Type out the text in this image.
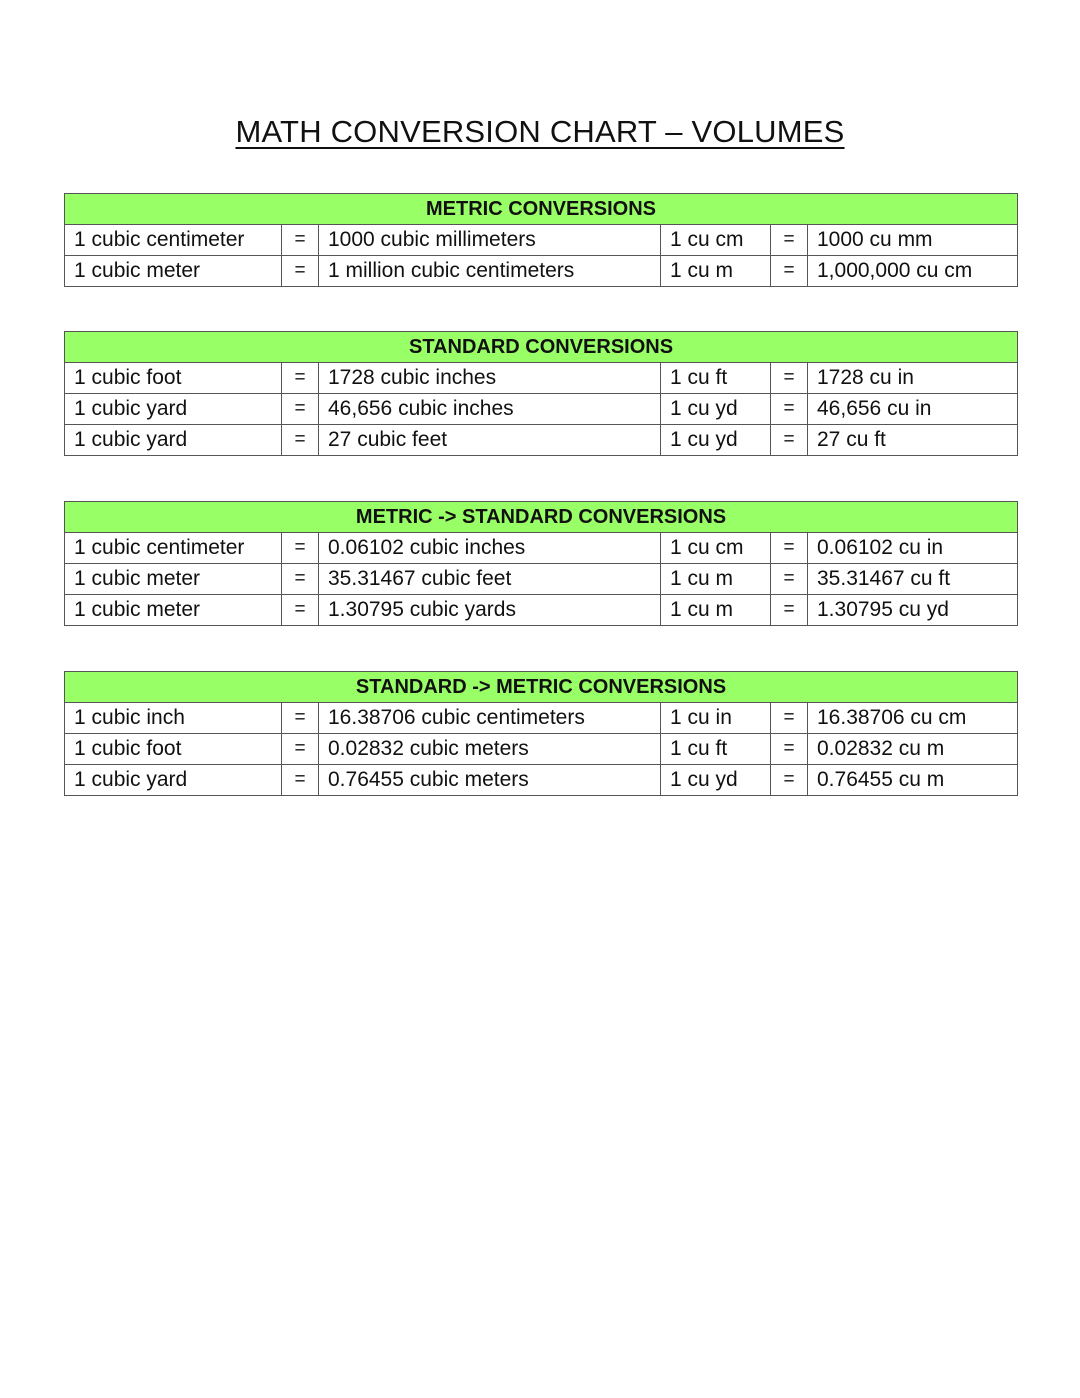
MATH CONVERSION CHART – VOLUMES
METRIC CONVERSIONS					
1 cubic centimeter	=	1000 cubic millimeters	1 cu cm	=	1000 cu mm
1 cubic meter	=	1 million cubic centimeters	1 cu m	=	1,000,000 cu cm
STANDARD CONVERSIONS					
1 cubic foot	=	1728 cubic inches	1 cu ft	=	1728 cu in
1 cubic yard	=	46,656 cubic inches	1 cu yd	=	46,656 cu in
1 cubic yard	=	27 cubic feet	1 cu yd	=	27 cu ft
METRIC -> STANDARD CONVERSIONS					
1 cubic centimeter	=	0.06102 cubic inches	1 cu cm	=	0.06102 cu in
1 cubic meter	=	35.31467 cubic feet	1 cu m	=	35.31467 cu ft
1 cubic meter	=	1.30795 cubic yards	1 cu m	=	1.30795 cu yd
STANDARD -> METRIC CONVERSIONS					
1 cubic inch	=	16.38706 cubic centimeters	1 cu in	=	16.38706 cu cm
1 cubic foot	=	0.02832 cubic meters	1 cu ft	=	0.02832 cu m
1 cubic yard	=	0.76455 cubic meters	1 cu yd	=	0.76455 cu m
